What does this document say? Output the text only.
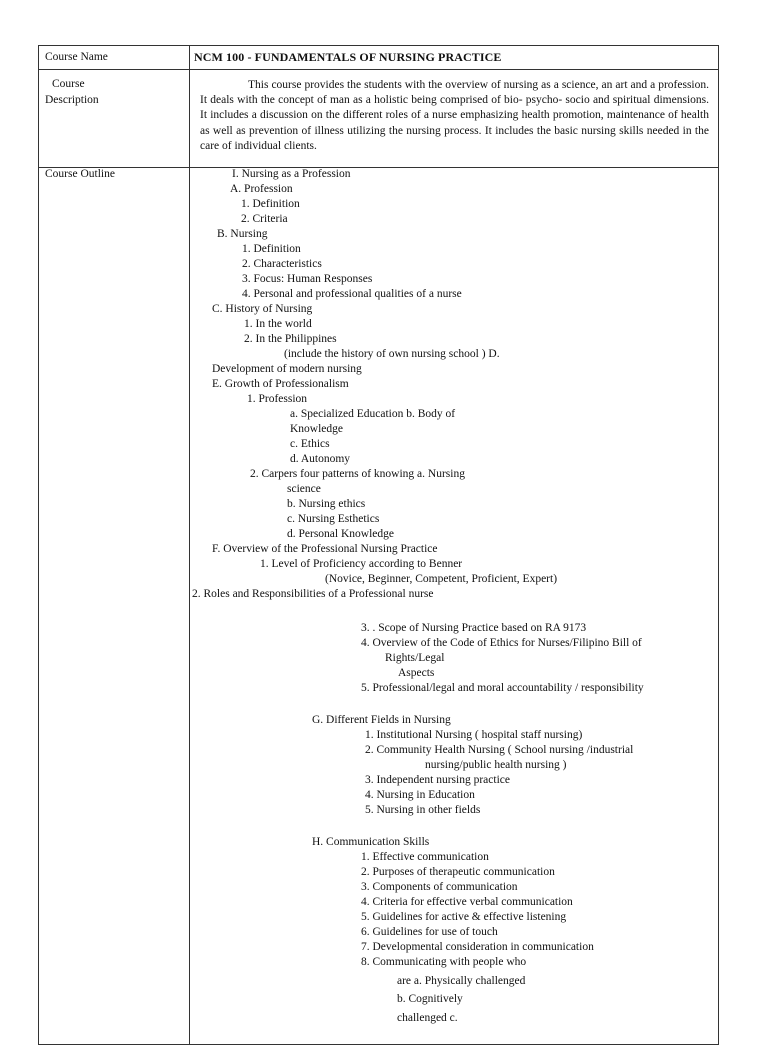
Course Name	NCM 100 - FUNDAMENTALS OF NURSING PRACTICE
Course
Description
This course provides the students with the overview of nursing as a science, an art and a profession. It deals with the concept of man as a holistic being comprised of bio- psycho- socio and spiritual dimensions. It includes a discussion on the different roles of a nurse emphasizing health promotion, maintenance of health as well as prevention of illness utilizing the nursing process. It includes the basic nursing skills needed in the care of individual clients.
Course Outline	I. Nursing as a Profession
A. Profession
1. Definition
2. Criteria
B. Nursing
1. Definition
2. Characteristics
3. Focus: Human Responses
4. Personal and professional qualities of a nurse
C. History of Nursing
1. In the world
2. In the Philippines
(include the history of own nursing school ) D.
Development of modern nursing
E. Growth of Professionalism
1. Profession
a. Specialized Education b. Body of
Knowledge
c. Ethics
d. Autonomy
2. Carpers four patterns of knowing a. Nursing
science
b. Nursing ethics
c. Nursing Esthetics
d. Personal Knowledge
F. Overview of the Professional Nursing Practice
1. Level of Proficiency according to Benner
(Novice, Beginner, Competent, Proficient, Expert)
2. Roles and Responsibilities of a Professional nurse
3. . Scope of Nursing Practice based on RA 9173
4. Overview of the Code of Ethics for Nurses/Filipino Bill of
Rights/Legal
Aspects
5. Professional/legal and moral accountability / responsibility
G. Different Fields in Nursing
1. Institutional Nursing ( hospital staff nursing)
2. Community Health Nursing ( School nursing /industrial
nursing/public health nursing )
3. Independent nursing practice
4. Nursing in Education
5. Nursing in other fields
H. Communication Skills
1. Effective communication
2. Purposes of therapeutic communication
3. Components of communication
4. Criteria for effective verbal communication
5. Guidelines for active & effective listening
6. Guidelines for use of touch
7. Developmental consideration in communication
8. Communicating with people who
are a. Physically challenged
b. Cognitively
challenged c.
